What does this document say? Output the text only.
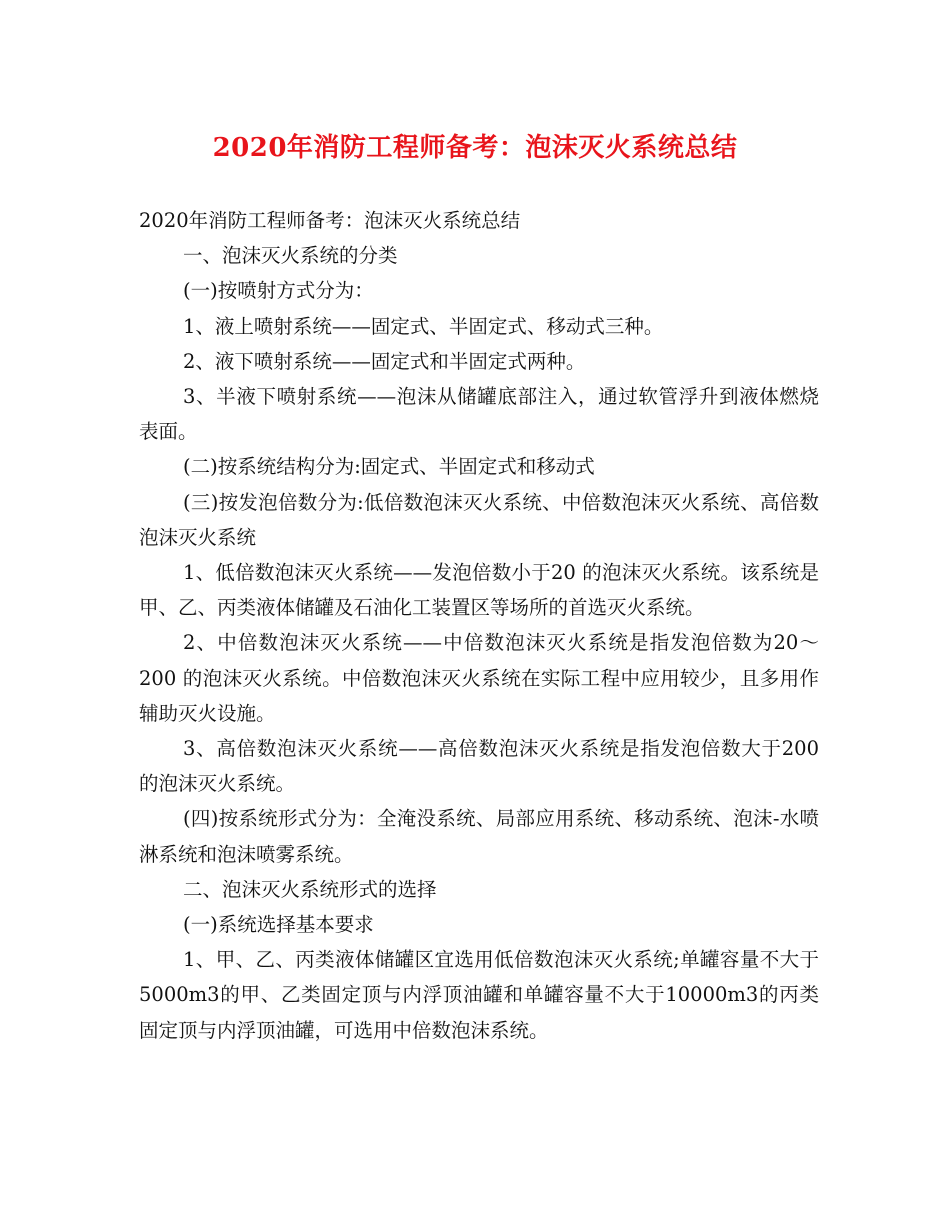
2020年消防工程师备考：泡沫灭火系统总结

2020年消防工程师备考：泡沫灭火系统总结

一、泡沫灭火系统的分类

(一)按喷射方式分为：

1、液上喷射系统——固定式、半固定式、移动式三种。

2、液下喷射系统——固定式和半固定式两种。

3、半液下喷射系统——泡沫从储罐底部注入，通过软管浮升到液体燃烧表面。

(二)按系统结构分为:固定式、半固定式和移动式

(三)按发泡倍数分为:低倍数泡沫灭火系统、中倍数泡沫灭火系统、高倍数泡沫灭火系统

1、低倍数泡沫灭火系统——发泡倍数小于20 的泡沫灭火系统。该系统是甲、乙、丙类液体储罐及石油化工装置区等场所的首选灭火系统。

2、中倍数泡沫灭火系统——中倍数泡沫灭火系统是指发泡倍数为20～200 的泡沫灭火系统。中倍数泡沫灭火系统在实际工程中应用较少，且多用作辅助灭火设施。

3、高倍数泡沫灭火系统——高倍数泡沫灭火系统是指发泡倍数大于200 的泡沫灭火系统。

(四)按系统形式分为：全淹没系统、局部应用系统、移动系统、泡沫-水喷淋系统和泡沫喷雾系统。

二、泡沫灭火系统形式的选择

(一)系统选择基本要求

1、甲、乙、丙类液体储罐区宜选用低倍数泡沫灭火系统;单罐容量不大于5000m3的甲、乙类固定顶与内浮顶油罐和单罐容量不大于10000m3的丙类固定顶与内浮顶油罐，可选用中倍数泡沫系统。
